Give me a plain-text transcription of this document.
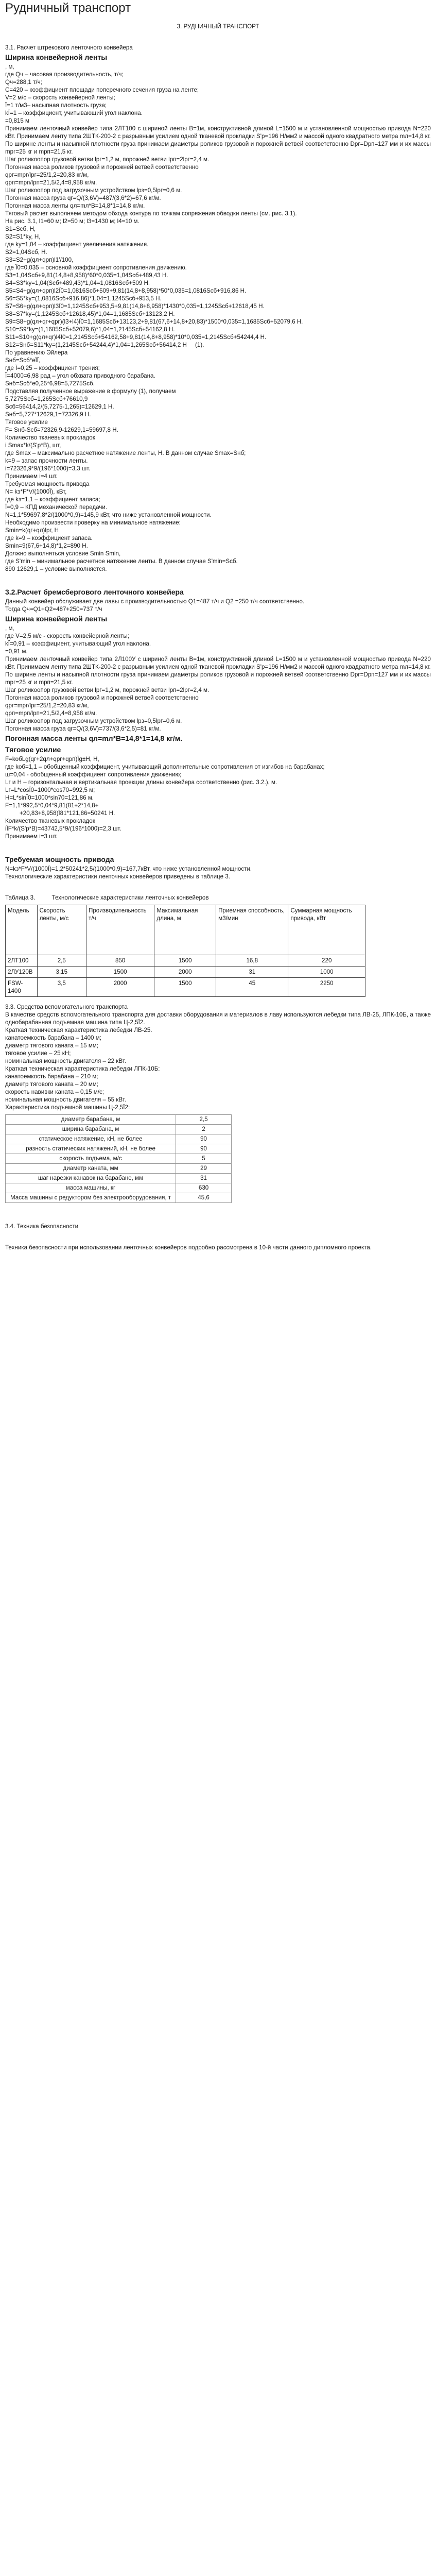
Рудничный транспорт

3. РУДНИЧНЫЙ ТРАНСПОРТ

3.1. Расчет штрекового ленточного конвейера

Ширина конвейерной ленты

, м,

где Qч – часовая производительность, т/ч;

Qч=288,1 т/ч;

С=420 – коэффициент площади поперечного сечения груза на ленте;

V=2 м/с – скорость конвейерной ленты;

Ï=1 т/м3– насыпная плотность груза;

kÏ=1 – коэффициент, учитывающий угол наклона.

=0,815 м

Принимаем ленточный конвейер типа 2ЛТ100 с шириной ленты В=1м, конструктивной длиной L=1500 м и установленной мощностью привода N=220 кВт. Принимаем ленту типа 2ШТК-200-2 с разрывным усилием одной тканевой прокладки S'р=196 Н/мм2 и массой одного квадратного метра mл=14,8 кг.

По ширине ленты и насыпной плотности груза принимаем диаметры роликов грузовой и порожней ветвей соответственно Dрг=Dрп=127 мм и их массы mрг=25 кг и mрп=21,5 кг.

Шаг роликоопор грузовой ветви lрг=1,2 м, порожней ветви lрп=2lрг=2,4 м.

Погонная масса роликов грузовой и порожней ветвей соответственно

qрг=mрг/lрг=25/1,2=20,83 кг/м,

qрп=mрп/lрп=21,5/2,4=8,958 кг/м.

Шаг роликоопор под загрузочным устройством lрз=0,5lрг=0,6 м.

Погонная масса груза qг=Q/(3,6V)=487/(3,6*2)=67,6 кг/м.

Погонная масса ленты qл=mл*В=14,8*1=14,8 кг/м.

Тяговый расчет выполняем методом обхода контура по точкам сопряжения обводки ленты (см. рис. 3.1).

На рис. 3.1, l1=60 м; l2=50 м; l3=1430 м; l4=10 м.

S1=Sсб, Н,

S2=S1*ky, Н,

где ky=1,04 – коэффициент увеличения натяжения.

S2=1,04Sсб, Н.

S3=S2+g(qл+qрп)l1'/100,

где Ï0=0,035 – основной коэффициент сопротивления движению.

S3=1,04Sсб+9,81(14,8+8,958)*60*0,035=1,04Sсб+489,43 Н.

S4=S3*ky=1,04(Sсб+489,43)*1,04=1,0816Sсб+509 Н.

S5=S4+g(qл+qрп)l2Ï0=1,0816Sсб+509+9,81(14,8+8,958)*50*0,035=1,0816Sсб+916,86 Н.

S6=S5*ky=(1,0816Sсб+916,86)*1,04=1,1245Sсб+953,5 Н.

S7=S6+g(qл+qрп)l3Ï0=1,1245Sсб+953,5+9,81(14,8+8,958)*1430*0,035=1,1245Sсб+12618,45 Н.

S8=S7*ky=(1,1245Sсб+12618,45)*1,04=1,1685Sсб+13123,2 Н.

S9=S8+g(qл+qг+qрг)(l3+l4)Ï0=1,1685Sсб+13123,2+9,81(67,6+14,8+20,83)*1500*0,035=1,1685Sсб+52079,6 Н.

S10=S9*ky=(1,1685Sсб+52079,6)*1,04=1,2145Sсб+54162,8 Н.

S11=S10+g(qл+qг)l4Ï0=1,2145Sсб+54162,58+9,81(14,8+8,958)*10*0,035=1,2145Sсб+54244,4 Н.

S12=Sнб=S11*ky=(1,2145Sсб+54244,4)*1,04=1,265Sсб+56414,2 Н     (1).

По уравнению Эйлера

Sнб=Sсб*еÏÏ,

где Ï=0,25 – коэффициент трения;

Ï=4000=6,98 рад – угол обхвата приводного барабана.

Sнб=Sсб*е0,25*6,98=5,7275Sсб.

Подставляя полученное выражение в формулу (1), получаем

5,7275Sсб=1,265Sсб+76610,9

Sсб=56414,2/(5,7275-1,265)=12629,1 Н.

Sнб=5,727*12629,1=72326,9 Н.

Тяговое усилие

F= Sнб-Sсб=72326,9-12629,1=59697,8 Н.

Количество тканевых прокладок

i Smax*k/(S'р*В), шт,

где Smax – максимально расчетное натяжение ленты, Н. В данном случае Smax=Sнб;

k=9 – запас прочности ленты.

i=72326,9*9/(196*1000)=3,3 шт.

Принимаем i=4 шт.

Требуемая мощность привода

N= kз*F*V/(1000Ï), кВт,

где kз=1,1 – коэффициент запаса;

Ï=0,9 – КПД механической передачи.

N=1,1*59697,8*2/(1000*0,9)=145,9 кВт, что ниже установленной мощности.

Необходимо произвести проверку на минимальное натяжение:

Smin=k(qг+qл)lрг, Н

где k=9 – коэффициент запаса.

Smin=9(67,6+14,8)*1,2=890 Н.

Должно выполняться условие Smin Smin,

где S'min – минимальное расчетное натяжение ленты. В данном случае S'min=Sсб.

890 12629,1 – условие выполняется.

3.2.Расчет бремсбергового ленточного конвейера

Данный конвейер обслуживает две лавы с производительностью Q1=487 т/ч и Q2 =250 т/ч соответственно.

Тогда Qч=Q1+Q2=487+250=737 т/ч

Ширина конвейерной ленты

, м,

где V=2,5 м/с - скорость конвейерной ленты;

kÏ=0,91 – коэффициент, учитывающий угол наклона.

=0,91 м.

Принимаем ленточный конвейер типа 2Л100У с шириной ленты В=1м, конструктивной длиной L=1500 м и установленной мощностью привода N=220 кВт. Принимаем ленту типа 2ШТК-200-2 с разрывным усилием одной тканевой прокладки S'р=196 Н/мм2 и массой одного квадратного метра mл=14,8 кг.

По ширине ленты и насыпной плотности груза принимаем диаметры роликов грузовой и порожней ветвей соответственно Dрг=Dрп=127 мм и их массы mрг=25 кг и mрп=21,5 кг.

Шаг роликоопор грузовой ветви lрг=1,2 м, порожней ветви lрп=2lрг=2,4 м.

Погонная масса роликов грузовой и порожней ветвей соответственно

qрг=mрг/lрг=25/1,2=20,83 кг/м,

qрп=mрп/lрп=21,5/2,4=8,958 кг/м.

Шаг роликоопор под загрузочным устройством lрз=0,5lрг=0,6 м.

Погонная масса груза qг=Q/(3,6V)=737/(3,6*2,5)=81 кг/м.

Погонная масса ленты qл=mл*В=14,8*1=14,8 кг/м.

Тяговое усилие

F=kобLg(qг+2qл+qрг+qрп)Ïg±Н, Н,

где kоб=1,1 – обобщенный коэффициент, учитывающий дополнительные сопротивления от изгибов на барабанах;

ш=0,04 - обобщенный коэффициент сопротивления движению;

Lг и Н – горизонтальная и вертикальная проекции длины конвейера соответственно (рис. 3.2.), м.

Lг=L*cosÏ0=1000*cos70=992,5 м;

H=L*sinÏ0=1000*sin70=121,86 м.

F=1,1*992,5*0,04*9,81(81+2*14,8+

+20,83+8,958)Ï81*121,86=50241 Н.

Количество тканевых прокладок

iÏF*k/(S'р*В)=43742,5*9/(196*1000)=2,3 шт.

Принимаем i=3 шт.

Требуемая мощность привода

N=kз*F*V/(1000Ï)=1,2*50241*2,5/(1000*0,9)=167,7кВт, что ниже установленной мощности.

Технологические характеристики ленточных конвейеров приведены в таблице 3.

Таблица 3.          Технологические характеристики ленточных конвейеров

Модель	Скорость ленты, м/с	Производительность т/ч	Максимальная длина, м	Приемная способность, м3/мин	Суммарная мощность привода, кВт
2ЛТ100	2,5	850	1500	16,8	220
2ЛУ120В	3,15	1500	2000	31	1000
FSW-1400	3,5	2000	1500	45	2250

3.3. Средства вспомогательного транспорта

В качестве средств вспомогательного транспорта для доставки оборудования и материалов в лаву используются лебедки типа ЛВ-25, ЛПК-10Б, а также однобарабанная подъемная машина типа Ц-2,5Ï2.

Краткая техническая характеристика лебедки ЛВ-25.

канатоемкость барабана – 1400 м;

диаметр тягового каната – 15 мм;

тяговое усилие – 25 кН;

номинальная мощность двигателя – 22 кВт.

Краткая техническая характеристика лебедки ЛПК-10Б:

канатоемкость барабана – 210 м;

диаметр тягового каната – 20 мм;

скорость навивки каната – 0,15 м/с;

номинальная мощность двигателя – 55 кВт.

Характеристика подъемной машины Ц-2,5Ï2:

диаметр барабана, м	2,5
ширина барабана, м	2
статическое натяжение, кН, не более	90
разность статических натяжений, кН, не более	90
скорость подъема, м/с	5
диаметр каната, мм	29
шаг нарезки канавок на барабане, мм	31
масса машины, кг	630
Масса машины с редуктором без электрооборудования, т	45,6

3.4. Техника безопасности

Техника безопасности при использовании ленточных конвейеров подробно рассмотрена в 10-й части данного дипломного проекта.
